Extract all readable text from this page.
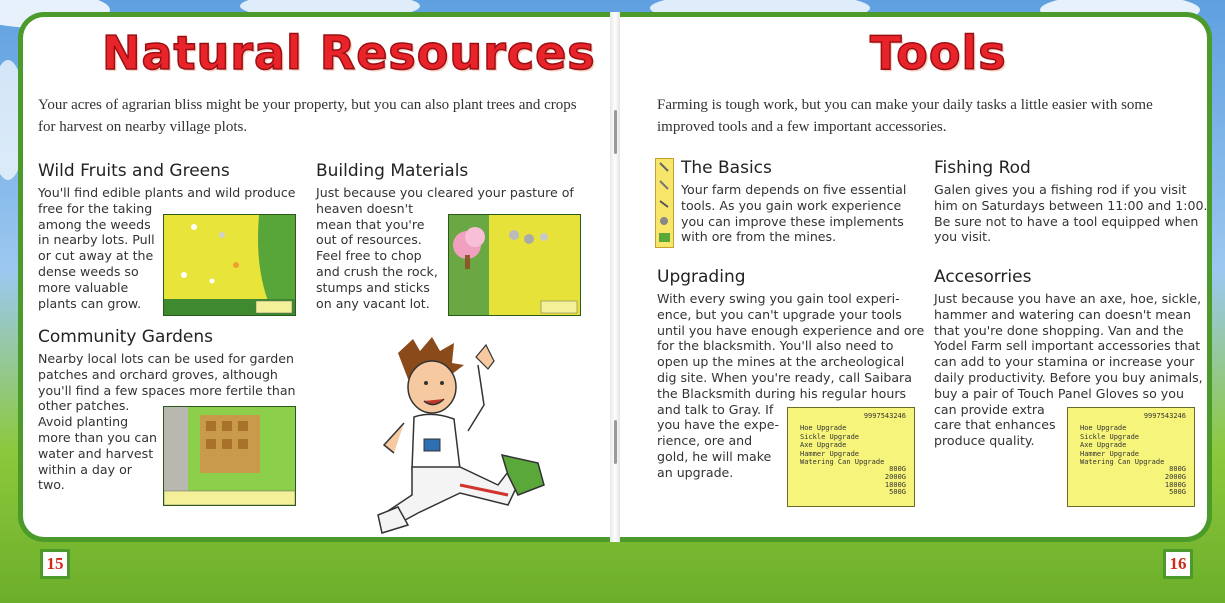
Natural Resources
Your acres of agrarian bliss might be your property, but you can also plant trees and crops for harvest on nearby village plots.
Wild Fruits and Greens
You'll find edible plants and wild produce
free for the taking
among the weeds
in nearby lots. Pull
or cut away at the
dense weeds so
more valuable
plants can grow.
Building Materials
Just because you cleared your pasture of
heaven doesn't
mean that you're
out of resources.
Feel free to chop
and crush the rock,
stumps and sticks
on any vacant lot.
Community Gardens
Nearby local lots can be used for garden
patches and orchard groves, although
you'll find a few spaces more fertile than
other patches.
Avoid planting
more than you can
water and harvest
within a day or
two.
15
Tools
Farming is tough work, but you can make your daily tasks a little easier with some improved tools and a few important accessories.
The Basics
Your farm depends on five essential
tools. As you gain work experience
you can improve these implements
with ore from the mines.
Fishing Rod
Galen gives you a fishing rod if you visit
him on Saturdays between 11:00 and 1:00.
Be sure not to have a tool equipped when
you visit.
Upgrading
With every swing you gain tool experi-
ence, but you can't upgrade your tools
until you have enough experience and ore
for the blacksmith. You'll also need to
open up the mines at the archeological
dig site. When you're ready, call Saibara
the Blacksmith during his regular hours
and talk to Gray. If
you have the expe-
rience, ore and
gold, he will make
an upgrade.
Accesorries
Just because you have an axe, hoe, sickle,
hammer and watering can doesn't mean
that you're done shopping. Van and the
Yodel Farm sell important accessories that
can add to your stamina or increase your
daily productivity. Before you buy animals,
buy a pair of Touch Panel Gloves so you
can provide extra
care that enhances
produce quality.
9997543246
Hoe Upgrade
Sickle Upgrade
Axe Upgrade
Hammer Upgrade
Watering Can Upgrade
800G
2000G
1800G
500G
9997543246
Hoe Upgrade
Sickle Upgrade
Axe Upgrade
Hammer Upgrade
Watering Can Upgrade
800G
2000G
1800G
500G
16
